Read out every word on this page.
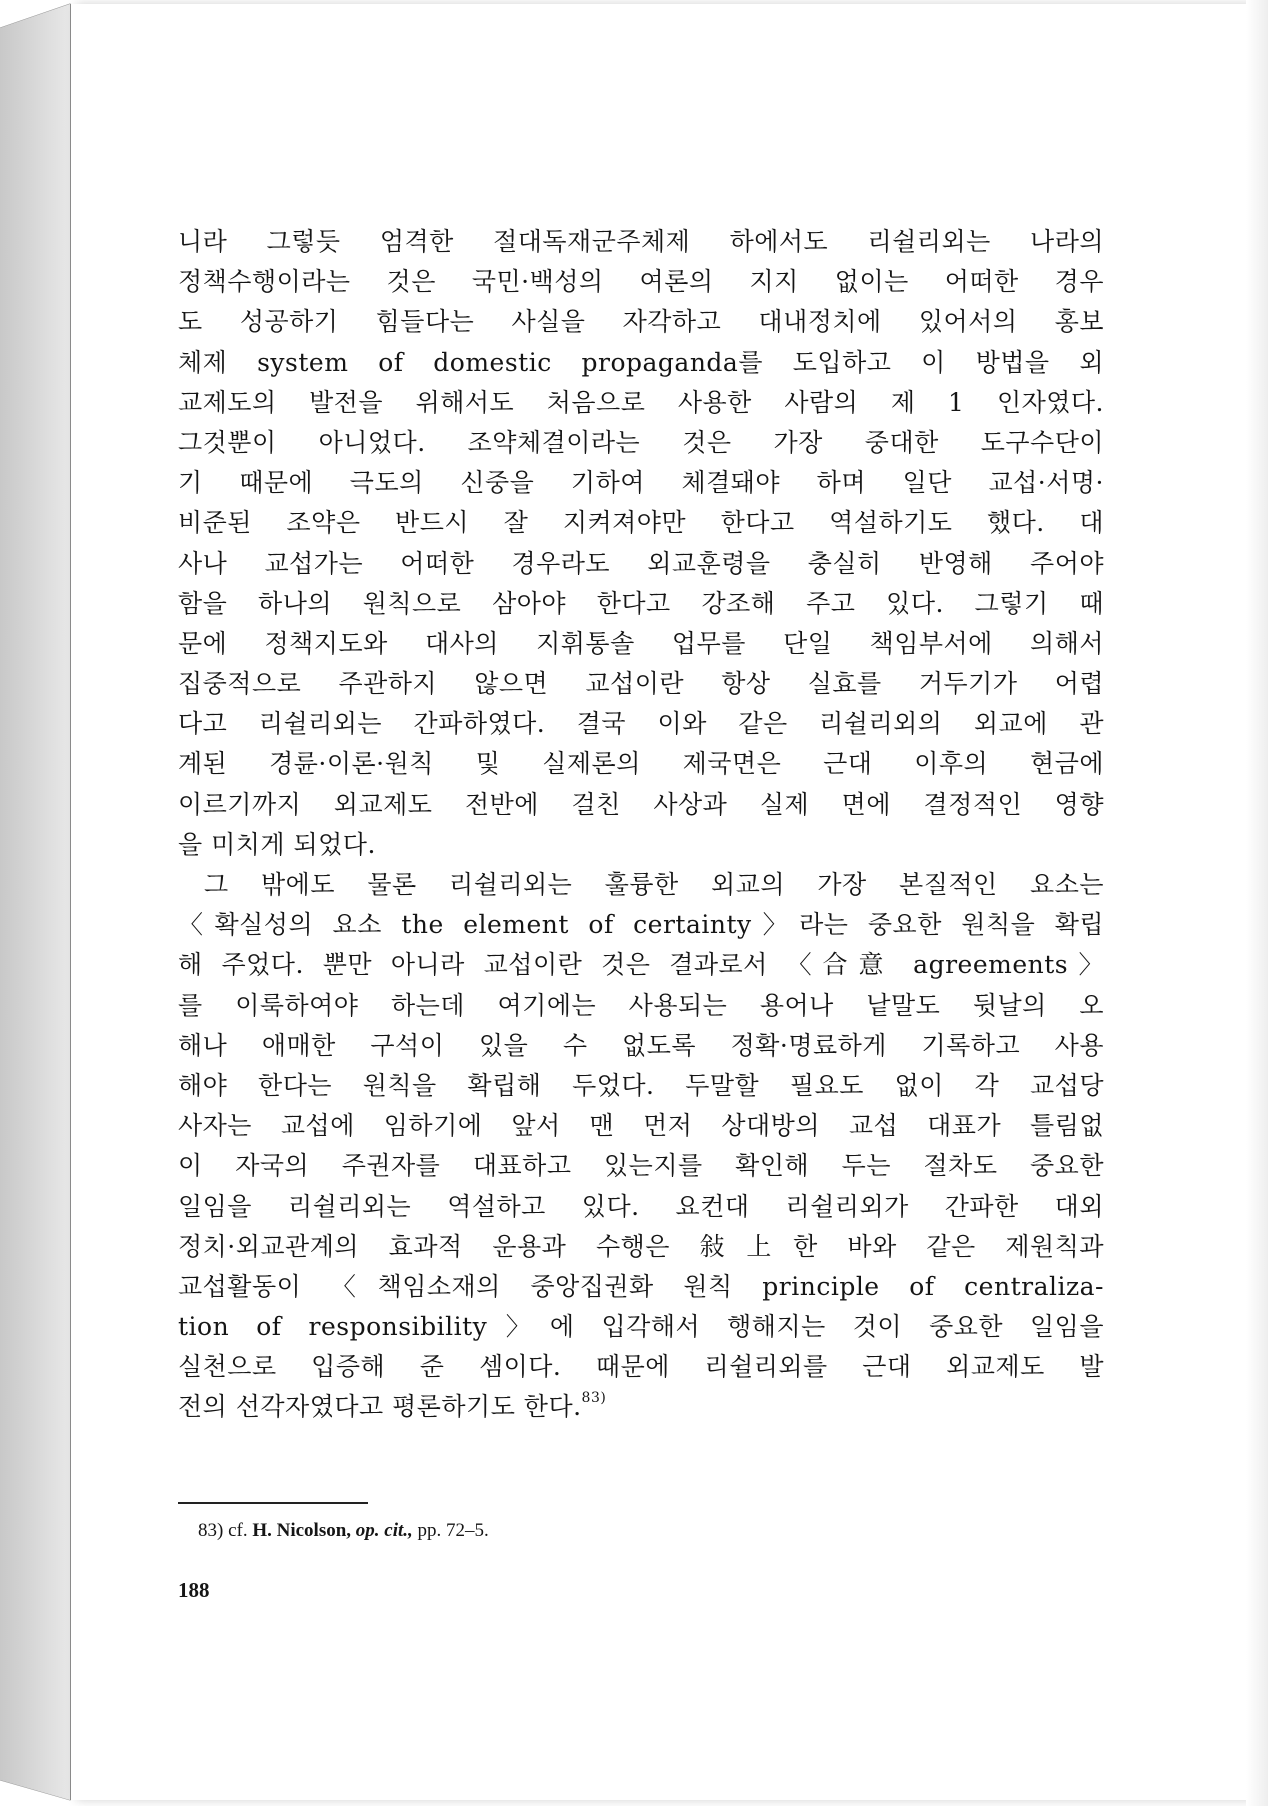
니라 그렇듯 엄격한 절대독재군주체제 하에서도 리쉴리외는 나라의
정책수행이라는 것은 국민·백성의 여론의 지지 없이는 어떠한 경우
도 성공하기 힘들다는 사실을 자각하고 대내정치에 있어서의 홍보
체제 system of domestic propaganda를 도입하고 이 방법을 외
교제도의 발전을 위해서도 처음으로 사용한 사람의 제 1 인자였다.
그것뿐이 아니었다. 조약체결이라는 것은 가장 중대한 도구수단이
기 때문에 극도의 신중을 기하여 체결돼야 하며 일단 교섭·서명·
비준된 조약은 반드시 잘 지켜져야만 한다고 역설하기도 했다. 대
사나 교섭가는 어떠한 경우라도 외교훈령을 충실히 반영해 주어야
함을 하나의 원칙으로 삼아야 한다고 강조해 주고 있다. 그렇기 때
문에 정책지도와 대사의 지휘통솔 업무를 단일 책임부서에 의해서
집중적으로 주관하지 않으면 교섭이란 항상 실효를 거두기가 어렵
다고 리쉴리외는 간파하였다. 결국 이와 같은 리쉴리외의 외교에 관
계된 경륜·이론·원칙 및 실제론의 제국면은 근대 이후의 현금에
이르기까지 외교제도 전반에 걸친 사상과 실제 면에 결정적인 영향
을 미치게 되었다.
그 밖에도 물론 리쉴리외는 훌륭한 외교의 가장 본질적인 요소는
〈확실성의 요소 the element of certainty〉라는 중요한 원칙을 확립
해 주었다. 뿐만 아니라 교섭이란 것은 결과로서 〈合意 agreements〉
를 이룩하여야 하는데 여기에는 사용되는 용어나 낱말도 뒷날의 오
해나 애매한 구석이 있을 수 없도록 정확·명료하게 기록하고 사용
해야 한다는 원칙을 확립해 두었다. 두말할 필요도 없이 각 교섭당
사자는 교섭에 임하기에 앞서 맨 먼저 상대방의 교섭 대표가 틀림없
이 자국의 주권자를 대표하고 있는지를 확인해 두는 절차도 중요한
일임을 리쉴리외는 역설하고 있다. 요컨대 리쉴리외가 간파한 대외
정치·외교관계의 효과적 운용과 수행은 敍上한 바와 같은 제원칙과
교섭활동이 〈책임소재의 중앙집권화 원칙 principle of centraliza-
tion of responsibility〉에 입각해서 행해지는 것이 중요한 일임을
실천으로 입증해 준 셈이다. 때문에 리쉴리외를 근대 외교제도 발
전의 선각자였다고 평론하기도 한다.$^{83)}$
83) cf. H. Nicolson, op. cit., pp. 72–5.
188
